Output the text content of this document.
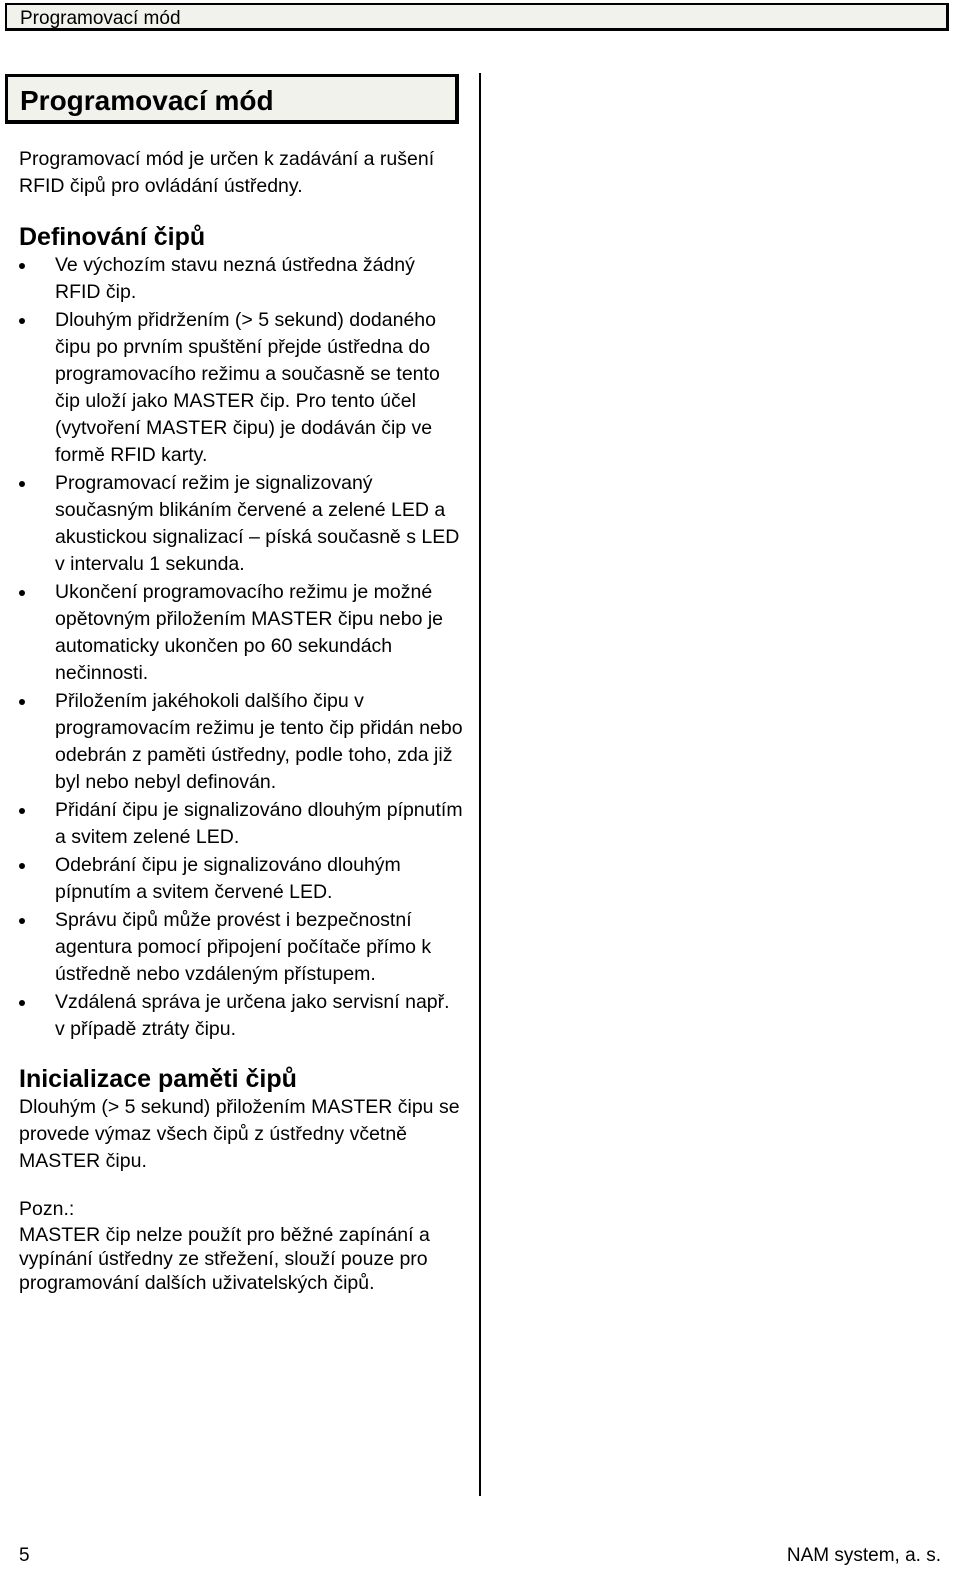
Programovací mód
Programovací mód

Programovací mód je určen k zadávání a rušení RFID čipů pro ovládání ústředny.

Definování čipů
Ve výchozím stavu nezná ústředna žádný RFID čip.
Dlouhým přidržením (> 5 sekund) dodaného čipu po prvním spuštění přejde ústředna do programovacího režimu a současně se tento čip uloží jako MASTER čip. Pro tento účel (vytvoření MASTER čipu) je dodáván čip ve formě RFID karty.
Programovací režim je signalizovaný současným blikáním červené a zelené LED a akustickou signalizací – píská současně s LED v intervalu 1 sekunda.
Ukončení programovacího režimu je možné opětovným přiložením MASTER čipu nebo je automaticky ukončen po 60 sekundách nečinnosti.
Přiložením jakéhokoli dalšího čipu v programovacím režimu je tento čip přidán nebo odebrán z paměti ústředny, podle toho, zda již byl nebo nebyl definován.
Přidání čipu je signalizováno dlouhým pípnutím a svitem zelené LED.
Odebrání čipu je signalizováno dlouhým pípnutím a svitem červené LED.
Správu čipů může provést i bezpečnostní agentura pomocí připojení počítače přímo k ústředně nebo vzdáleným přístupem.
Vzdálená správa je určena jako servisní např. v případě ztráty čipu.
Inicializace paměti čipů

Dlouhým (> 5 sekund) přiložením MASTER čipu se provede výmaz všech čipů z ústředny včetně MASTER čipu.

Pozn.:

MASTER čip nelze použít pro běžné zapínání a vypínání ústředny ze střežení, slouží pouze pro programování dalších uživatelských čipů.

5	NAM system, a. s.
